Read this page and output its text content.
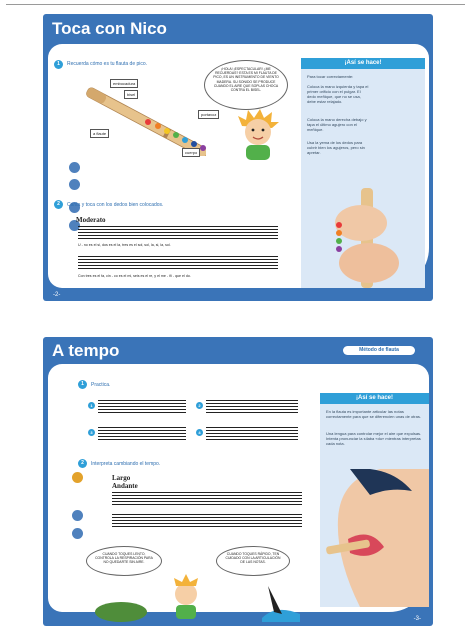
Toca con Nico
1	Recuerda cómo es tu flauta de pico.
embocadura
bisel
portavoz
cuerpo
a flaute
¡HOLA! ¡ESPECTACULAR! ¿ME RECUERDAS? ESTA ES MI FLAUTA DE PICO, ES UN INSTRUMENTO DE VIENTO MADERA. SU SONIDO SE PRODUCE CUANDO EL AIRE QUE SOPLAS CHOCA CONTRA EL BISEL.
2	Canta y toca con los dedos bien colocados.
Moderato
U - no es el si, dos es el la, tres es el sol, sol, la, si, la, sol.
Con tres es el fa, cin - co es el mi, seis es el re, y el me - ñi - que el do.
¡Así se hace!
Para tocar correctamente:
Coloca la mano izquierda y tapa el primer orificio con el pulgar. El dedo meñique, que no se usa, debe estar relajado.
Coloca la mano derecha debajo y tapa el último agujero con el meñique.
Usa la yema de los dedos para cubrir bien los agujeros, pero sin apretar.
-2-
A tempo	Método de flauta
1	Practica.
1	2
3	4
2	Interpreta cambiando el tempo.
Largo
Andante
CUANDO TOQUES LENTO, CONTROLA LA RESPIRACIÓN PARA NO QUEDARTE SIN AIRE.
CUANDO TOQUES RÁPIDO, TEN CUIDADO CON LA ARTICULACIÓN DE LAS NOTAS.
¡Así se hace!
En la flauta es importante articular las notas correctamente para que se diferencien unas de otras.
Una lengua para controlar mejor el aire que expulsas. Intenta pronunciar la sílaba «du» mientras interpretas cada nota.
-3-
